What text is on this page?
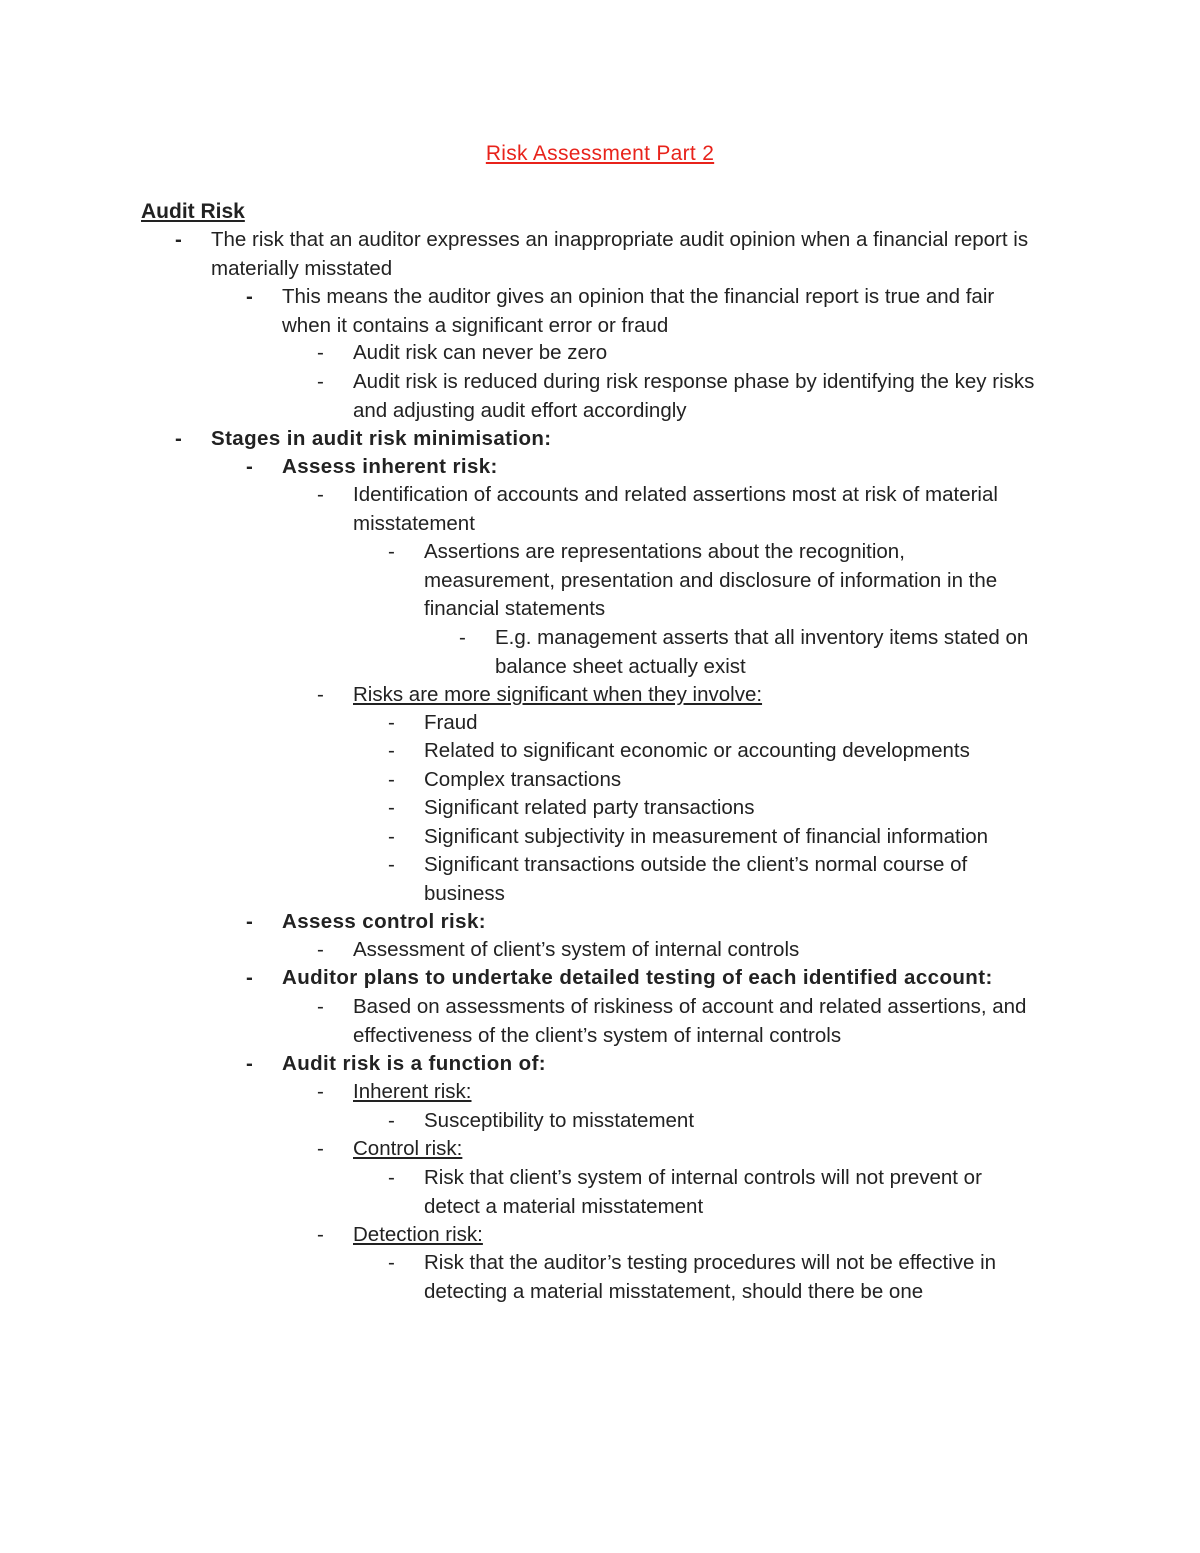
Risk Assessment Part 2
Audit Risk
-	The risk that an auditor expresses an inappropriate audit opinion when a financial report is materially misstated
-	This means the auditor gives an opinion that the financial report is true and fair when it contains a significant error or fraud
-	Audit risk can never be zero
-	Audit risk is reduced during risk response phase by identifying the key risks and adjusting audit effort accordingly
-	Stages in audit risk minimisation:
-	Assess inherent risk:
-	Identification of accounts and related assertions most at risk of material misstatement
-	Assertions are representations about the recognition, measurement, presentation and disclosure of information in the financial statements
-	E.g. management asserts that all inventory items stated on balance sheet actually exist
-	Risks are more significant when they involve:
-	Fraud
-	Related to significant economic or accounting developments
-	Complex transactions
-	Significant related party transactions
-	Significant subjectivity in measurement of financial information
-	Significant transactions outside the client’s normal course of business
-	Assess control risk:
-	Assessment of client’s system of internal controls
-	Auditor plans to undertake detailed testing of each identified account:
-	Based on assessments of riskiness of account and related assertions, and effectiveness of the client’s system of internal controls
-	Audit risk is a function of:
-	Inherent risk:
-	Susceptibility to misstatement
-	Control risk:
-	Risk that client’s system of internal controls will not prevent or detect a material misstatement
-	Detection risk:
-	Risk that the auditor’s testing procedures will not be effective in detecting a material misstatement, should there be one
